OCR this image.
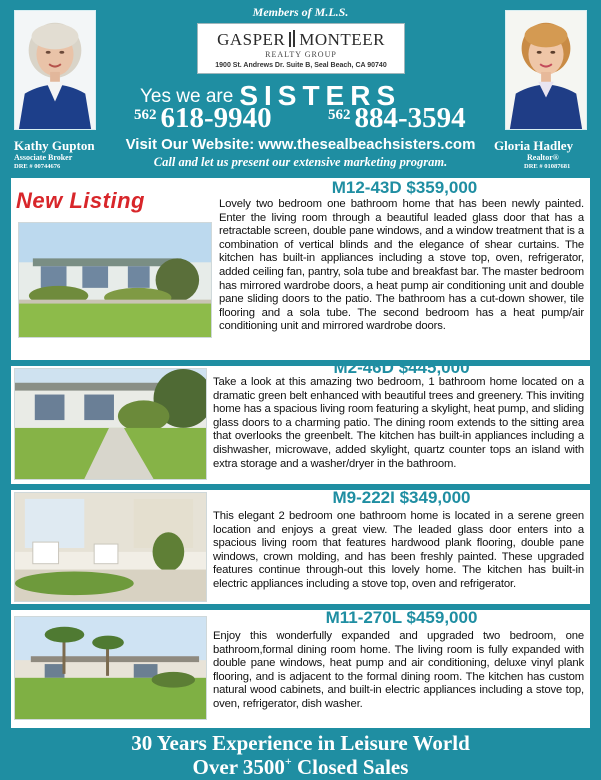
Members of M.L.S.
Kathy Gupton
Associate Broker
DRE # 00744676
Gloria Hadley
Realtor®
DRE # 01087681
GASPER MONTEER
REALTY GROUP
1900 St. Andrews Dr. Suite B, Seal Beach, CA 90740
Yes we are SISTERS
562 618-9940	562 884-3594
Visit Our Website: www.thesealbeachsisters.com
Call and let us present our extensive marketing program.
New Listing
M12-43D $359,000
Lovely two bedroom one bathroom home that has been newly painted. Enter the living room through a beautiful leaded glass door that has a retractable screen, double pane windows, and a window treatment that is a combination of vertical blinds and the elegance of shear curtains. The kitchen has built-in appliances including a stove top, oven, refrigerator, added ceiling fan, pantry, sola tube and breakfast bar. The master bedroom has mirrored wardrobe doors, a heat pump air conditioning unit and double pane sliding doors to the patio. The bathroom has a cut-down shower, tile flooring and a sola tube. The second bedroom has a heat pump/air conditioning unit and mirrored wardrobe doors.
M2-46D $445,000
Take a look at this amazing two bedroom, 1 bathroom home located on a dramatic green belt enhanced with beautiful trees and greenery. This inviting home has a spacious living room featuring a skylight, heat pump, and sliding glass doors to a charming patio. The dining room extends to the sitting area that overlooks the greenbelt. The kitchen has built-in appliances including a dishwasher, microwave, added skylight, quartz counter tops an island with extra storage and a washer/dryer in the bathroom.
M9-222I $349,000
This elegant 2 bedroom one bathroom home is located in a serene green location and enjoys a great view. The leaded glass door enters into a spacious living room that features hardwood plank flooring, double pane windows, crown molding, and has been freshly painted. These upgraded features continue through-out this lovely home. The kitchen has built-in electric appliances including a stove top, oven and refrigerator.
M11-270L $459,000
Enjoy this wonderfully expanded and upgraded two bedroom, one bathroom,formal dining room home. The living room is fully expanded with double pane windows, heat pump and air conditioning, deluxe vinyl plank flooring, and is adjacent to the formal dining room. The kitchen has custom natural wood cabinets, and built-in electric appliances including a stove top, oven, refrigerator, dish washer.
30 Years Experience in Leisure World
Over 3500+ Closed Sales
